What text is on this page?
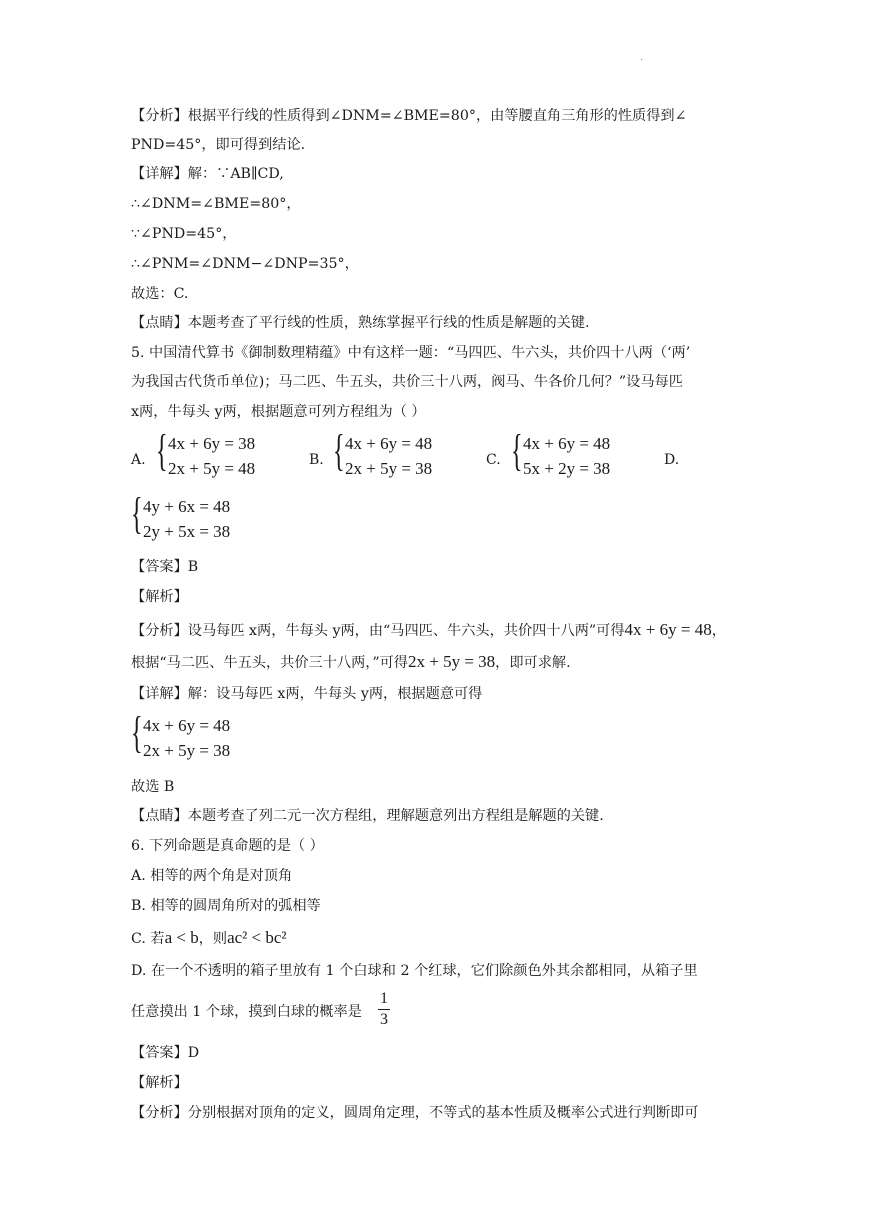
.
【分析】根据平行线的性质得到∠DNM=∠BME=80°，由等腰直角三角形的性质得到∠
PND=45°，即可得到结论.
【详解】解：∵AB∥CD,
∴∠DNM=∠BME=80°，
∵∠PND=45°，
∴∠PNM=∠DNM−∠DNP=35°，
故选：C.
【点睛】本题考查了平行线的性质，熟练掌握平行线的性质是解题的关键.
5. 中国清代算书《御制数理精蕴》中有这样一题：“马四匹、牛六头，共价四十八两（‘两’
为我国古代货币单位)；马二匹、牛五头，共价三十八两，阀马、牛各价几何？”设马每匹
x两，牛每头 y两，根据题意可列方程组为（ ）
A. { 4x + 6y = 38
2x + 5y = 48	B. { 4x + 6y = 48
2x + 5y = 38	C. { 4x + 6y = 48
5x + 2y = 38	D.
{ 4y + 6x = 48
2y + 5x = 38
【答案】B
【解析】
【分析】设马每匹 x两，牛每头 y两，由“马四匹、牛六头，共价四十八两”可得4x + 6y = 48，
根据“马二匹、牛五头，共价三十八两，”可得2x + 5y = 38，即可求解.
【详解】解：设马每匹 x两，牛每头 y两，根据题意可得
{ 4x + 6y = 48
2x + 5y = 38
故选 B
【点睛】本题考查了列二元一次方程组，理解题意列出方程组是解题的关键.
6. 下列命题是真命题的是（ ）
A. 相等的两个角是对顶角
B. 相等的圆周角所对的弧相等
C. 若a < b，则ac² < bc²
D. 在一个不透明的箱子里放有 1 个白球和 2 个红球，它们除颜色外其余都相同，从箱子里
任意摸出 1 个球，摸到白球的概率是
1
3
【答案】D
【解析】
【分析】分别根据对顶角的定义，圆周角定理，不等式的基本性质及概率公式进行判断即可
